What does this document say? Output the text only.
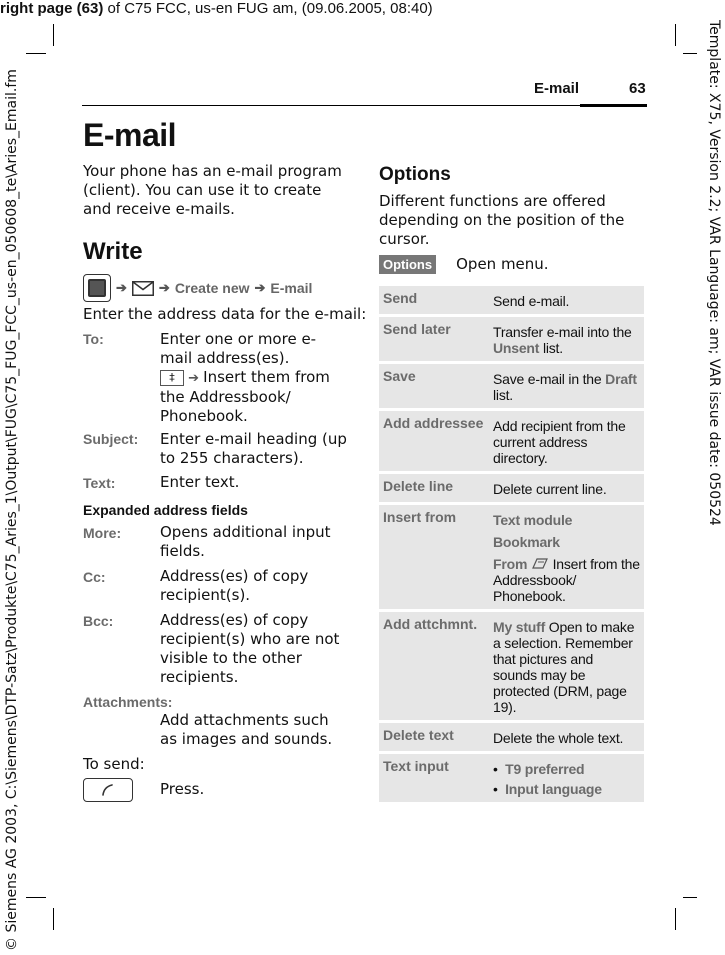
right page (63) of C75 FCC, us-en FUG am, (09.06.2005, 08:40)
Template: X75, Version 2.2; VAR Language: am; VAR issue date: 050524
© Siemens AG 2003, C:\Siemens\DTP-Satz\Produkte\C75_Aries_1\Output\FUG\C75_FUG_FCC_us-en_050608_te\Aries_Email.fm	E-mail	63
E-mail
Your phone has an e-mail program (client). You can use it to create and receive e-mails.
Write
➔ ➔ Create new ➔ E-mail
Enter the address data for the e-mail:
To:	Enter one or more e-mail address(es).
‡ ➔ Insert them from the Addressbook/ Phonebook.
Subject: Enter e-mail heading (up to 255 characters).
Text:	Enter text.
Expanded address fields
More:	Opens additional input fields.
Cc:	Address(es) of copy recipient(s).
Bcc:	Address(es) of copy recipient(s) who are not visible to the other recipients.
Attachments:
Add attachments such as images and sounds.
To send:
Press.
Options
Different functions are offered depending on the position of the cursor.
Options Open menu.
Send	Send e-mail.
Send later	Transfer e-mail into the Unsent list.
Save	Save e-mail in the Draft list.
Add addressee	Add recipient from the current address directory.
Delete line	Delete current line.
Insert from	Text module
Bookmark
From  Insert from the Addressbook/ Phonebook.

Add attchmnt.	My stuff Open to make a selection. Remember that pictures and sounds may be protected (DRM, page 19).
Delete text	Delete the whole text.
Text input	•  T9 preferred
•  Input language
